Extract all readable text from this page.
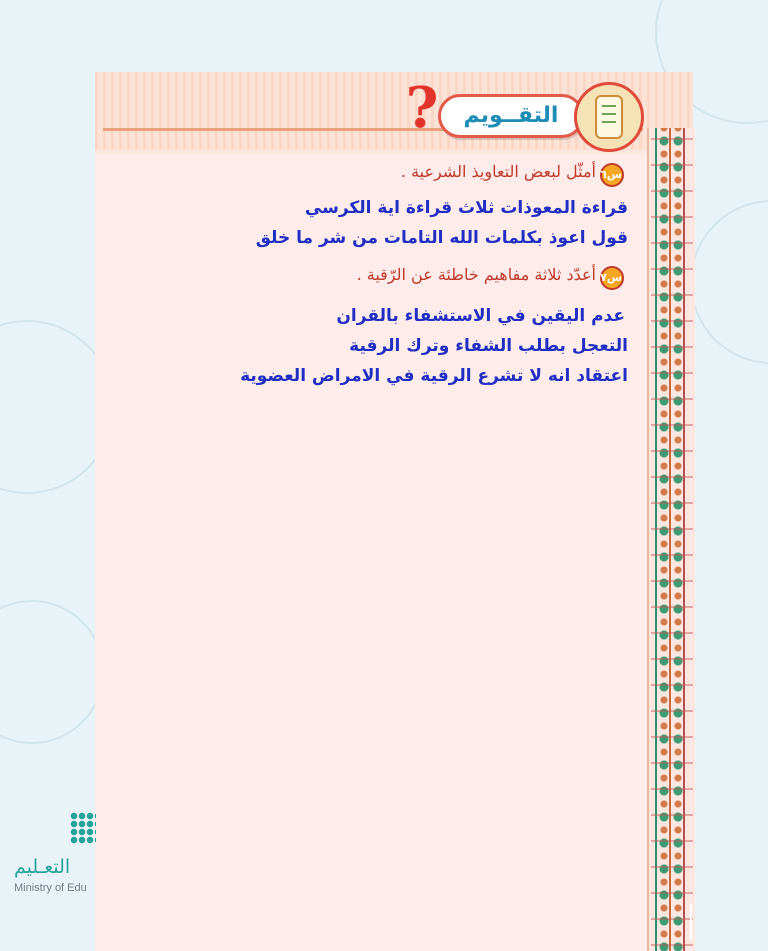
?	التقــويم
س٦
أمثّل لبعض التعاويذ الشرعية .
قراءة المعوذات ثلاث قراءة اية الكرسي
قول اعوذ بكلمات الله التامات من شر ما خلق
س٧
أعدّد ثلاثة مفاهيم خاطئة عن الرّقية .
عدم اليقين في الاستشفاء بالقران
التعجل بطلب الشفاء وترك الرقية
اعتقاد انه لا تشرع الرقية في الامراض العضوية
التعـليم
Ministry of Edu
